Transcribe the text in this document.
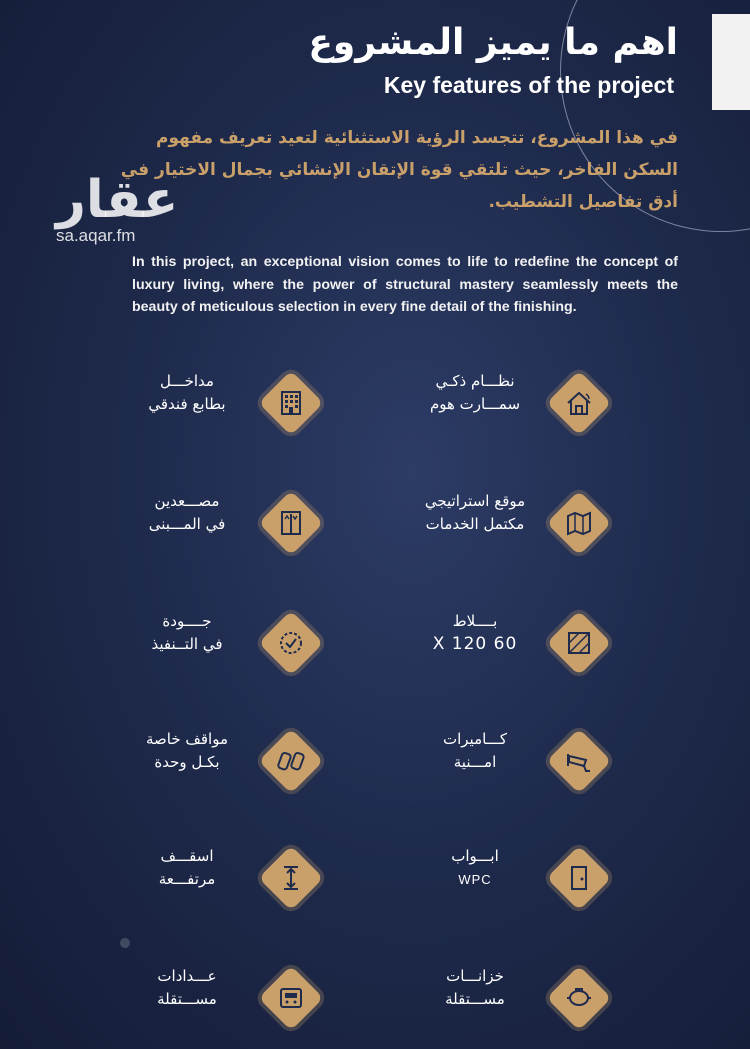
اهم ما يميز المشروع
Key features of the project
في هذا المشروع، تتجسد الرؤية الاستثنائية لتعيد تعريف مفهوم السكن الفاخر، حيث تلتقي قوة الإتقان الإنشائي بجمال الاختيار في أدق تفاصيل التشطيب.
عقار
sa.aqar.fm
In this project, an exceptional vision comes to life to redefine the concept of luxury living, where the power of structural mastery seamlessly meets the beauty of meticulous selection in every fine detail of the finishing.
نظـــام ذكـي
سمـــارت هوم
مداخـــل
بطابع فندقي
موقع استراتيجي
مكتمل الخدمات
مصـــعدين
في المـــبنى
بــــلاط
60 X 120
جــــودة
في التــنفيذ
كـــاميرات
امـــنية
مواقف خاصة
بكـل وحدة
ابـــواب
WPC
اسقـــف
مرتفـــعة
خزانـــات
مســـتقلة
عـــدادات
مســـتقلة
